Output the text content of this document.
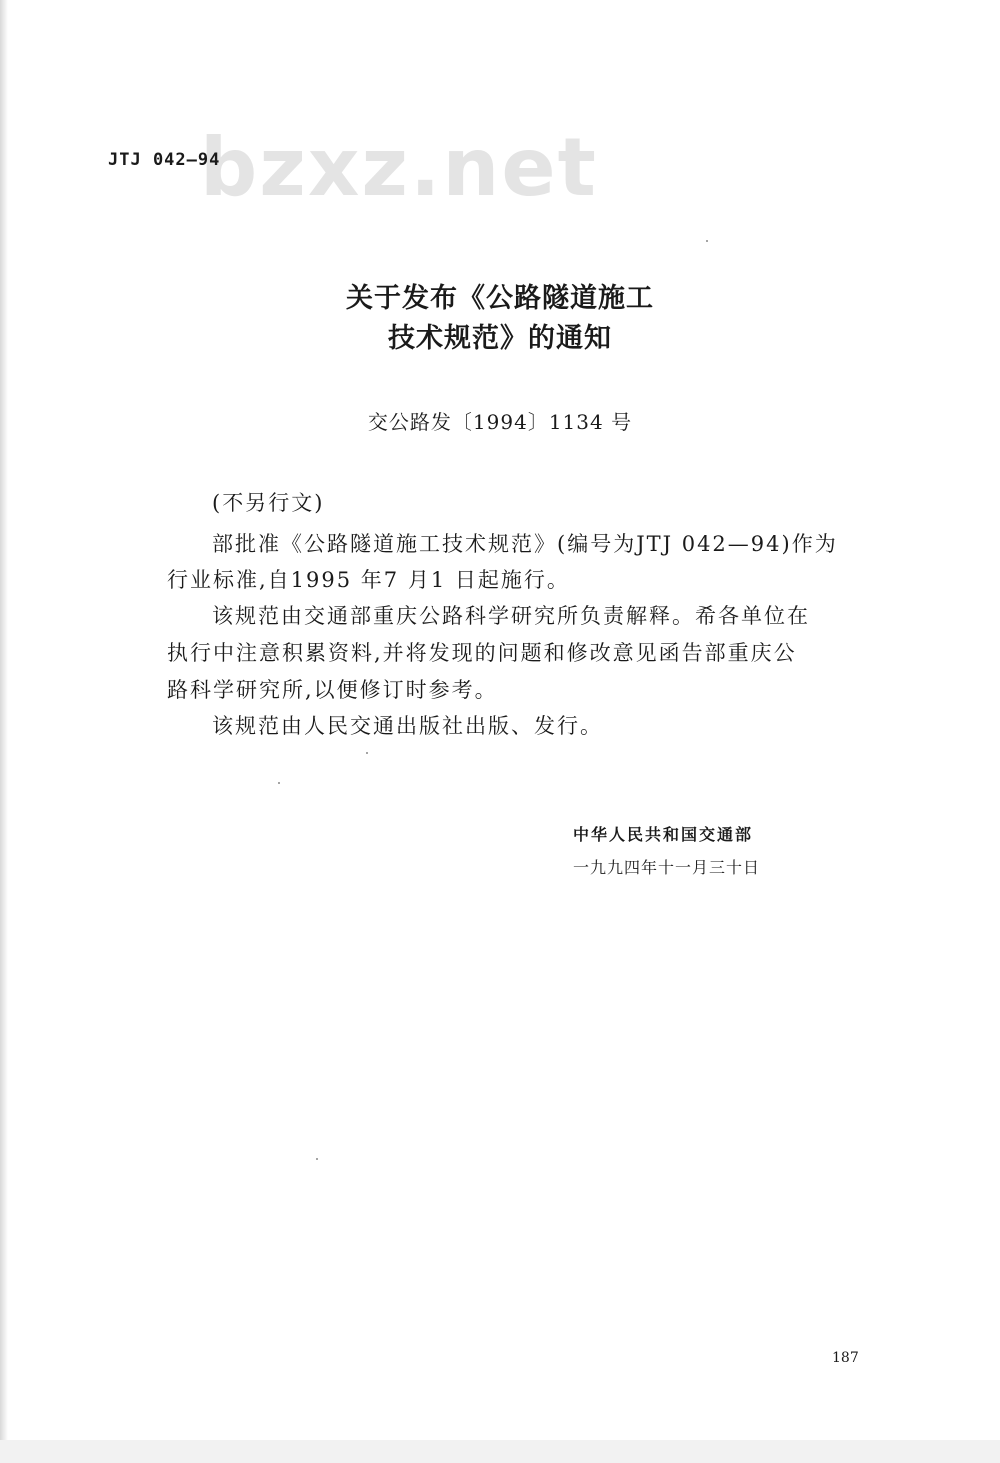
bzxz.net
JTJ 042—94
关于发布《公路隧道施工
技术规范》的通知
交公路发〔1994〕1134 号
(不另行文)
部批准《公路隧道施工技术规范》(编号为JTJ 042—94)作为
行业标准,自1995 年7 月1 日起施行。
该规范由交通部重庆公路科学研究所负责解释。希各单位在
执行中注意积累资料,并将发现的问题和修改意见函告部重庆公
路科学研究所,以便修订时参考。
该规范由人民交通出版社出版、发行。
中华人民共和国交通部
一九九四年十一月三十日
187
